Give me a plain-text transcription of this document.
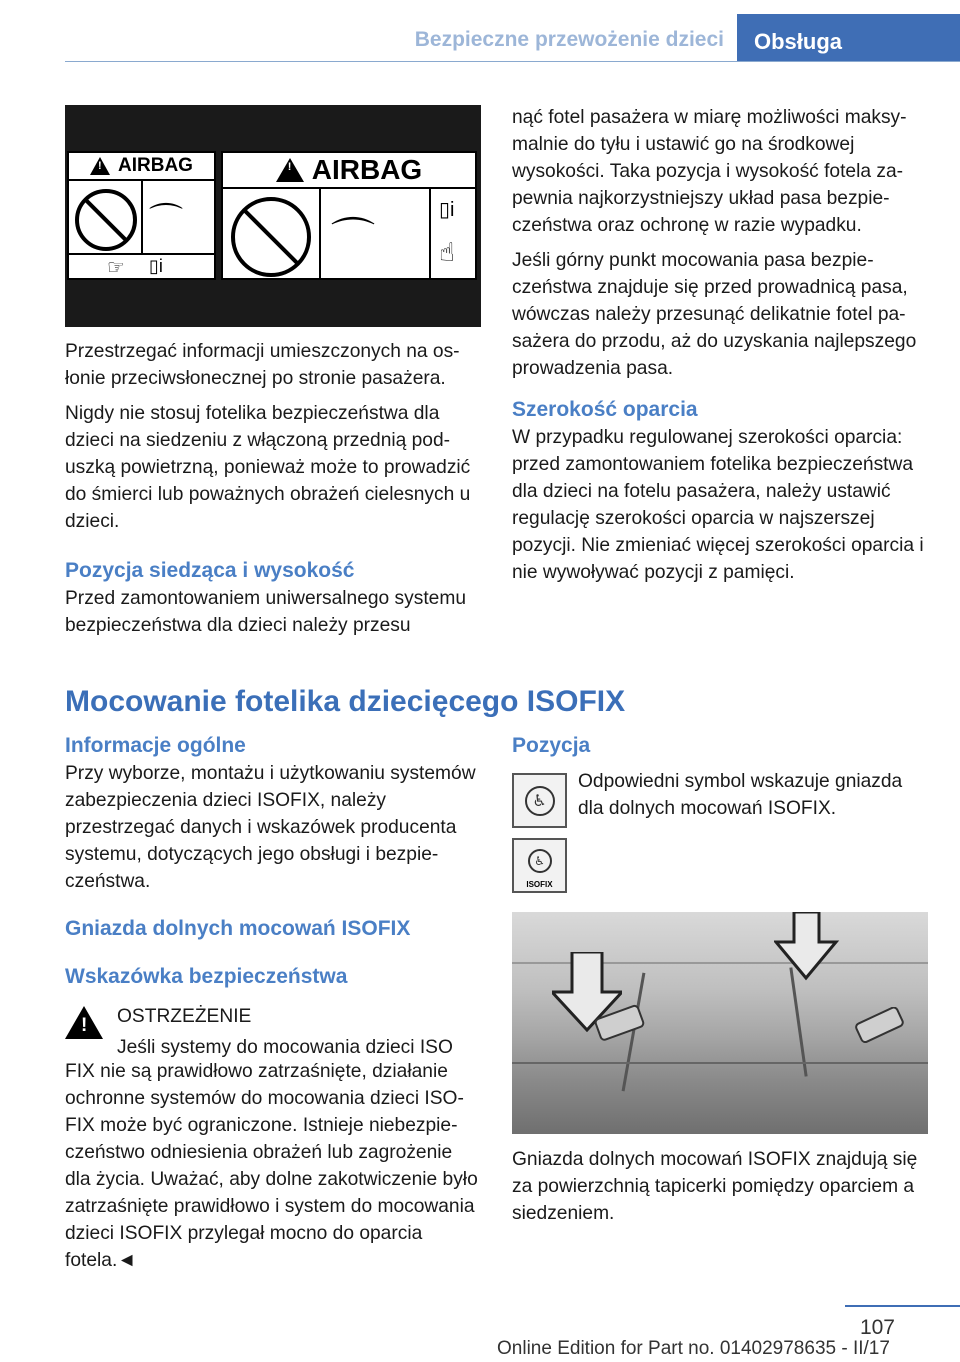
Bezpieczne przewożenie dzieci	Obsługa
!
AIRBAG
⌒
☞ ▯i
!
AIRBAG
⌒
▯i
☝

Przestrzegać informacji umieszczonych na osłonie przeciwsłonecznej po stronie pasażera.

Nigdy nie stosuj fotelika bezpieczeństwa dla dzieci na siedzeniu z włączoną przednią poduszką powietrzną, ponieważ może to prowadzić do śmierci lub poważnych obrażeń cielesnych u dzieci.

Pozycja siedząca i wysokość

Przed zamontowaniem uniwersalnego systemu bezpieczeństwa dla dzieci należy przesu

nąć fotel pasażera w miarę możliwości maksymalnie do tyłu i ustawić go na środkowej wysokości. Taka pozycja i wysokość fotela zapewnia najkorzystniejszy układ pasa bezpieczeństwa oraz ochronę w razie wypadku.

Jeśli górny punkt mocowania pasa bezpieczeństwa znajduje się przed prowadnicą pasa, wówczas należy przesunąć delikatnie fotel pasażera do przodu, aż do uzyskania najlepszego prowadzenia pasa.

Szerokość oparcia

W przypadku regulowanej szerokości oparcia: przed zamontowaniem fotelika bezpieczeństwa dla dzieci na fotelu pasażera, należy ustawić regulację szerokości oparcia w najszerszej pozycji. Nie zmieniać więcej szerokości oparcia i nie wywoływać pozycji z pamięci.

Mocowanie fotelika dziecięcego ISOFIX
Informacje ogólne

Przy wyborze, montażu i użytkowaniu systemów zabezpieczenia dzieci ISOFIX, należy przestrzegać danych i wskazówek producenta systemu, dotyczących jego obsługi i bezpieczeństwa.

Gniazda dolnych mocowań ISOFIX
Wskazówka bezpieczeństwa
!

OSTRZEŻENIE

Jeśli systemy do mocowania dzieci ISO

FIX nie są prawidłowo zatrzaśnięte, działanie ochronne systemów do mocowania dzieci ISOFIX może być ograniczone. Istnieje niebezpieczeństwo odniesienia obrażeń lub zagrożenie dla życia. Uważać, aby dolne zakotwiczenie było zatrzaśnięte prawidłowo i system do mocowania dzieci ISOFIX przylegał mocno do oparcia fotela.◄

Pozycja
♿

Odpowiedni symbol wskazuje gniazda dla dolnych mocowań ISOFIX.

♿
ISOFIX

Gniazda dolnych mocowań ISOFIX znajdują się za powierzchnią tapicerki pomiędzy oparciem a siedzeniem.

107
Online Edition for Part no. 01402978635 - II/17
